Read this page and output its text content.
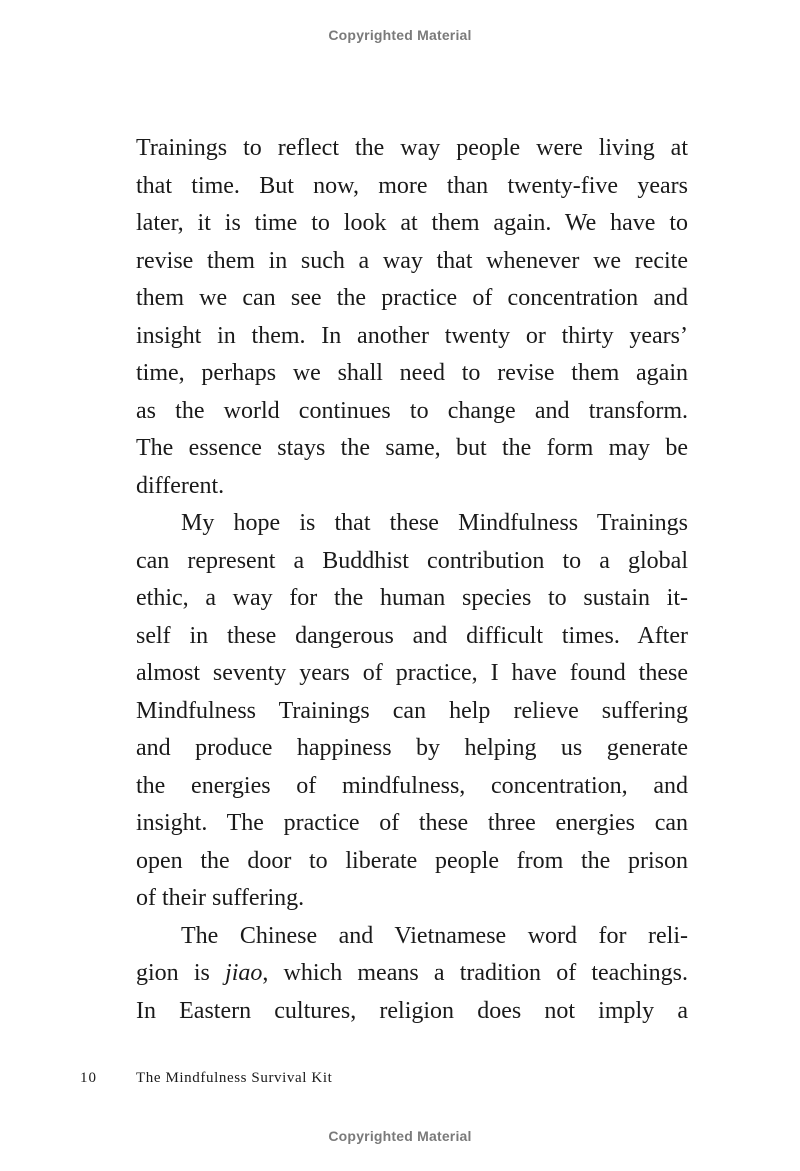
Copyrighted Material
Trainings to reflect the way people were living at
that time. But now, more than twenty-five years
later, it is time to look at them again. We have to
revise them in such a way that whenever we recite
them we can see the practice of concentration and
insight in them. In another twenty or thirty years’
time, perhaps we shall need to revise them again
as the world continues to change and transform.
The essence stays the same, but the form may be
different.
My hope is that these Mindfulness Trainings
can represent a Buddhist contribution to a global
ethic, a way for the human species to sustain it-
self in these dangerous and difficult times. After
almost seventy years of practice, I have found these
Mindfulness Trainings can help relieve suffering
and produce happiness by helping us generate
the energies of mindfulness, concentration, and
insight. The practice of these three energies can
open the door to liberate people from the prison
of their suffering.
The Chinese and Vietnamese word for reli-
gion is jiao, which means a tradition of teachings.
In Eastern cultures, religion does not imply a
10	The Mindfulness Survival Kit
Copyrighted Material
